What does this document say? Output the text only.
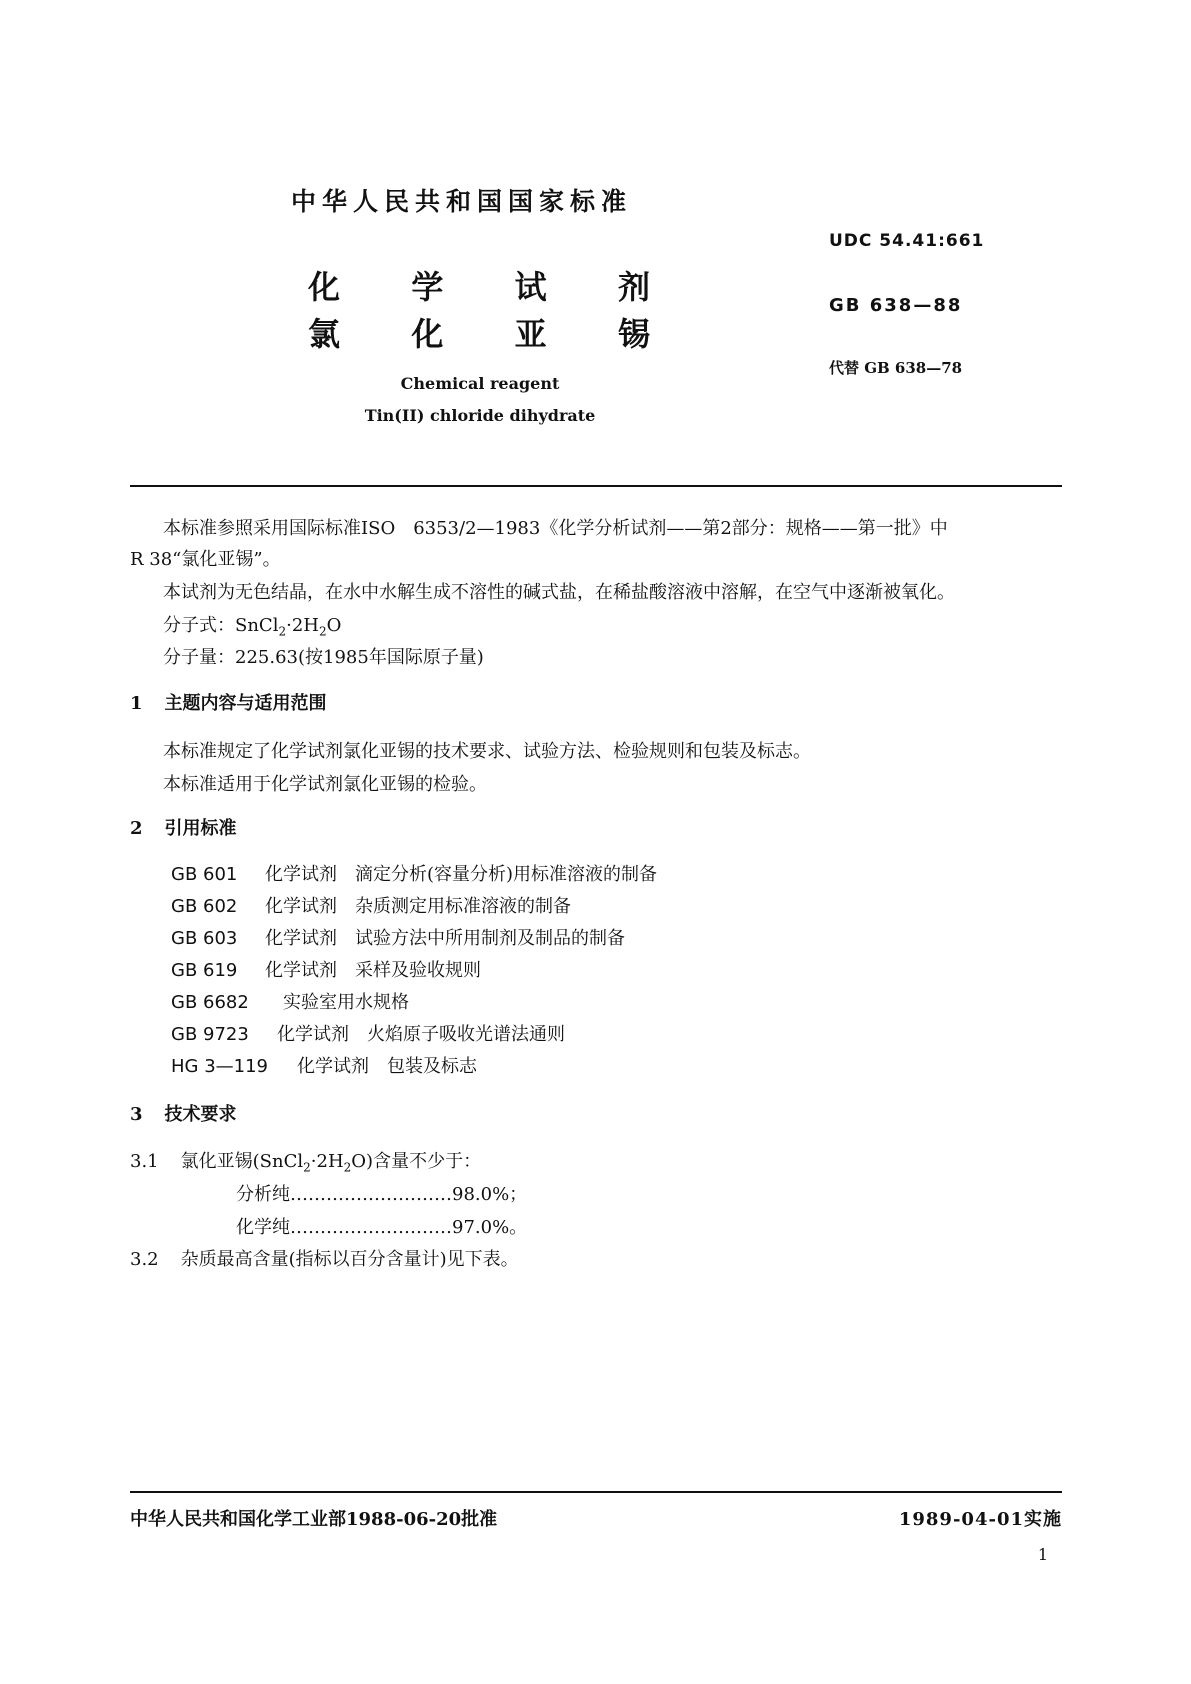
中华人民共和国国家标准
UDC 54.41:661
GB 638—88
代替 GB 638—78
化 学 试 剂
氯 化 亚 锡
Chemical reagent
Tin(II) chloride dihydrate
本标准参照采用国际标准ISO　6353/2—1983《化学分析试剂——第2部分：规格——第一批》中
R 38“氯化亚锡”。
本试剂为无色结晶，在水中水解生成不溶性的碱式盐，在稀盐酸溶液中溶解，在空气中逐渐被氧化。
分子式：$SnCl_2\cdot 2H_2O$
分子量：225.63(按1985年国际原子量)
1 主题内容与适用范围
本标准规定了化学试剂氯化亚锡的技术要求、试验方法、检验规则和包装及标志。
本标准适用于化学试剂氯化亚锡的检验。
2 引用标准
GB 601 化学试剂　滴定分析(容量分析)用标准溶液的制备
GB 602 化学试剂　杂质测定用标准溶液的制备
GB 603 化学试剂　试验方法中所用制剂及制品的制备
GB 619 化学试剂　采样及验收规则
GB 6682 实验室用水规格
GB 9723 化学试剂　火焰原子吸收光谱法通则
HG 3—119 化学试剂　包装及标志
3 技术要求
3.1 氯化亚锡$(SnCl_2\cdot 2H_2O)$含量不少于：
分析纯………………………98.0%；
化学纯………………………97.0%。
3.2 杂质最高含量(指标以百分含量计)见下表。
中华人民共和国化学工业部1988-06-20批准	1989-04-01实施
1
